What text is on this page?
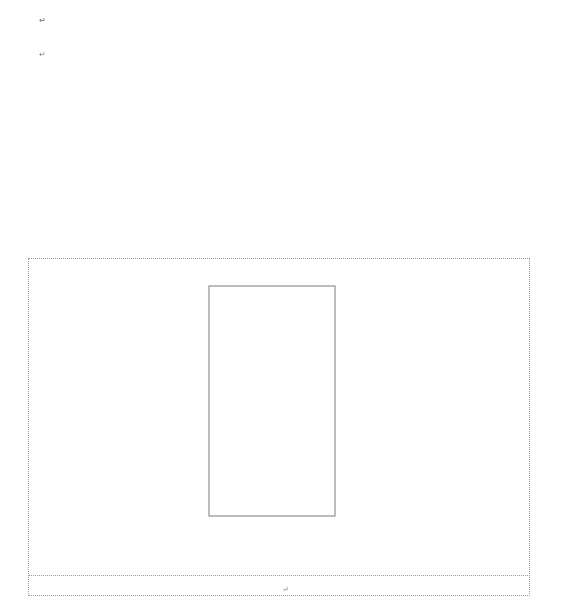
↵
↵
↵
